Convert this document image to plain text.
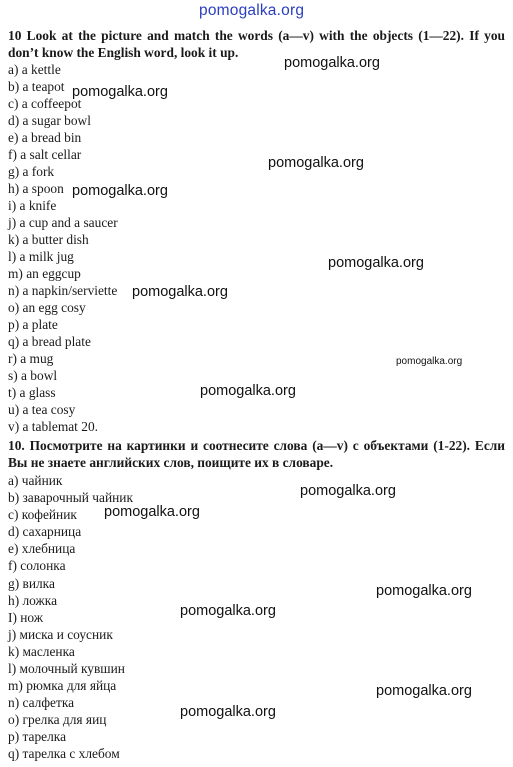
pomogalka.org
10 Look at the picture and match the words (a—v) with the objects (1—22). If you don’t know the English word, look it up.
a) a kettle
b) a teapot
c) a coffeepot
d) a sugar bowl
e) a bread bin
f) a salt cellar
g) a fork
h) a spoon
i) a knife
j) a cup and a saucer
k) a butter dish
l) a milk jug
m) an eggcup
n) a napkin/serviette
o) an egg cosy
p) a plate
q) a bread plate
r) a mug
s) a bowl
t) a glass
u) a tea cosy
v) a tablemat 20.
10. Посмотрите на картинки и соотнесите слова (a—v) с объектами (1-22). Если Вы не знаете английских слов, поищите их в словаре.
a) чайник
b) заварочный чайник
c) кофейник
d) сахарница
e) хлебница
f) солонка
g) вилка
h) ложка
I) нож
j) миска и соусник
k) масленка
l) молочный кувшин
m) рюмка для яйца
n) салфетка
o) грелка для яиц
p) тарелка
q) тарелка с хлебом
pomogalka.org
pomogalka.org
pomogalka.org
pomogalka.org
pomogalka.org
pomogalka.org
pomogalka.org
pomogalka.org
pomogalka.org
pomogalka.org
pomogalka.org
pomogalka.org
pomogalka.org
pomogalka.org
